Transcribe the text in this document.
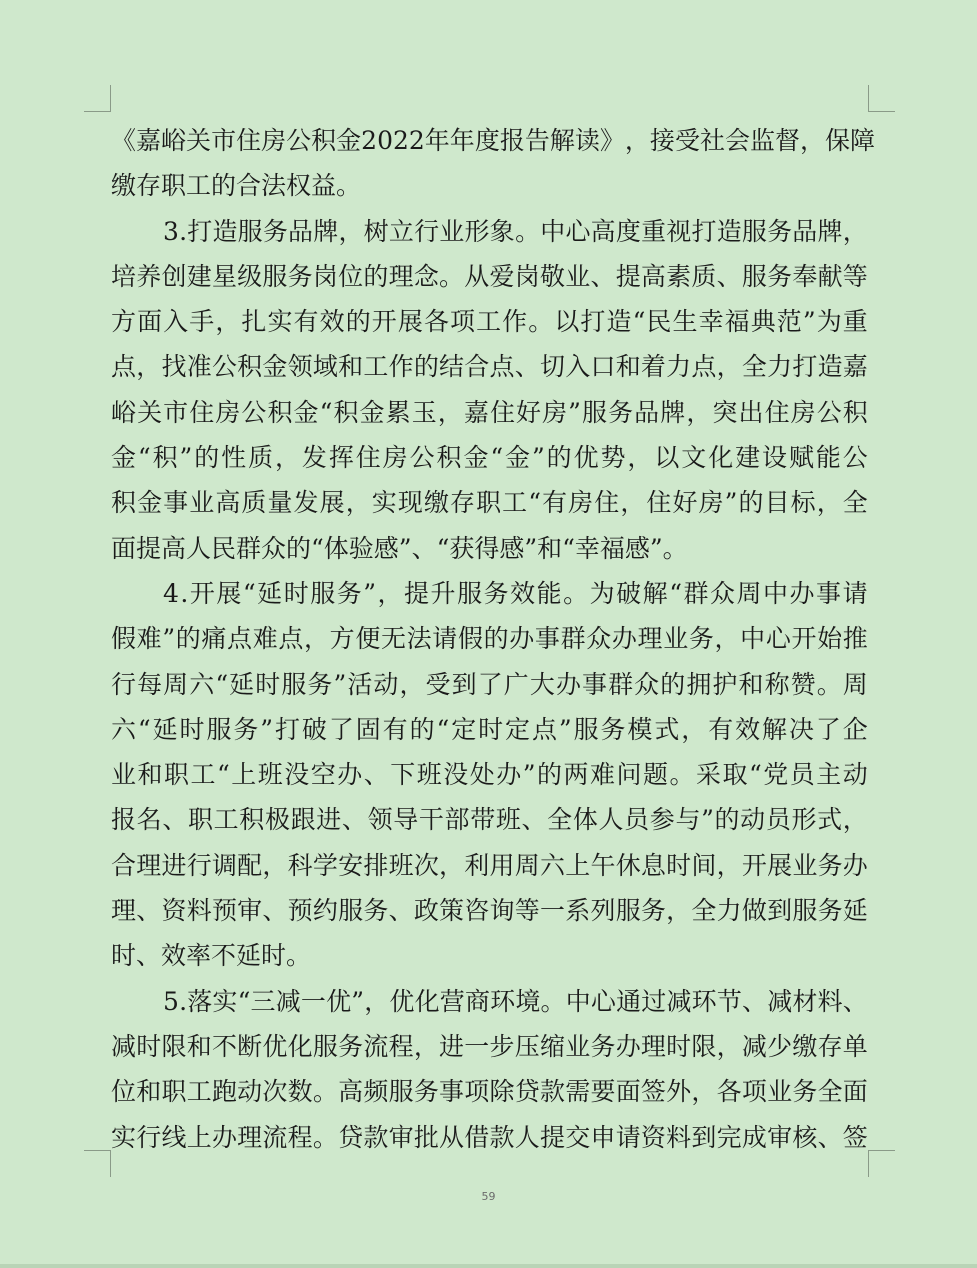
《 嘉 峪 关 市 住 房 公 积 金 2 0 2 2 年 年 度 报 告 解 读 》 ， 接 受 社 会 监 督 ， 保 障
缴存职工的合法权益。
3 . 打 造 服 务 品 牌 ， 树 立 行 业 形 象 。 中 心 高 度 重 视 打 造 服 务 品 牌 ，
培 养 创 建 星 级 服 务 岗 位 的 理 念 。 从 爱 岗 敬 业 、 提 高 素 质 、 服 务 奉 献 等
方 面 入 手 ， 扎 实 有 效 的 开 展 各 项 工 作 。 以 打 造 “ 民 生 幸 福 典 范 ” 为 重
点 ， 找 准 公 积 金 领 域 和 工 作 的 结 合 点 、 切 入 口 和 着 力 点 ， 全 力 打 造 嘉
峪 关 市 住 房 公 积 金 “ 积 金 累 玉 ， 嘉 住 好 房 ” 服 务 品 牌 ， 突 出 住 房 公 积
金 “ 积 ” 的 性 质 ， 发 挥 住 房 公 积 金 “ 金 ” 的 优 势 ， 以 文 化 建 设 赋 能 公
积 金 事 业 高 质 量 发 展 ， 实 现 缴 存 职 工 “ 有 房 住 ， 住 好 房 ” 的 目 标 ， 全
面提高人民群众的“体验感”、“获得感”和“幸福感”。
4 . 开 展 “ 延 时 服 务 ” ， 提 升 服 务 效 能 。 为 破 解 “ 群 众 周 中 办 事 请
假 难 ” 的 痛 点 难 点 ， 方 便 无 法 请 假 的 办 事 群 众 办 理 业 务 ， 中 心 开 始 推
行 每 周 六 “ 延 时 服 务 ” 活 动 ， 受 到 了 广 大 办 事 群 众 的 拥 护 和 称 赞 。 周
六 “ 延 时 服 务 ” 打 破 了 固 有 的 “ 定 时 定 点 ” 服 务 模 式 ， 有 效 解 决 了 企
业 和 职 工 “ 上 班 没 空 办 、 下 班 没 处 办 ” 的 两 难 问 题 。 采 取 “ 党 员 主 动
报 名 、 职 工 积 极 跟 进 、 领 导 干 部 带 班 、 全 体 人 员 参 与 ” 的 动 员 形 式 ，
合 理 进 行 调 配 ， 科 学 安 排 班 次 ， 利 用 周 六 上 午 休 息 时 间 ， 开 展 业 务 办
理 、 资 料 预 审 、 预 约 服 务 、 政 策 咨 询 等 一 系 列 服 务 ， 全 力 做 到 服 务 延
时、效率不延时。
5 . 落 实 “ 三 减 一 优 ” ， 优 化 营 商 环 境 。 中 心 通 过 减 环 节 、 减 材 料 、
减 时 限 和 不 断 优 化 服 务 流 程 ， 进 一 步 压 缩 业 务 办 理 时 限 ， 减 少 缴 存 单
位 和 职 工 跑 动 次 数 。 高 频 服 务 事 项 除 贷 款 需 要 面 签 外 ， 各 项 业 务 全 面
实 行 线 上 办 理 流 程 。 贷 款 审 批 从 借 款 人 提 交 申 请 资 料 到 完 成 审 核 、 签
59
